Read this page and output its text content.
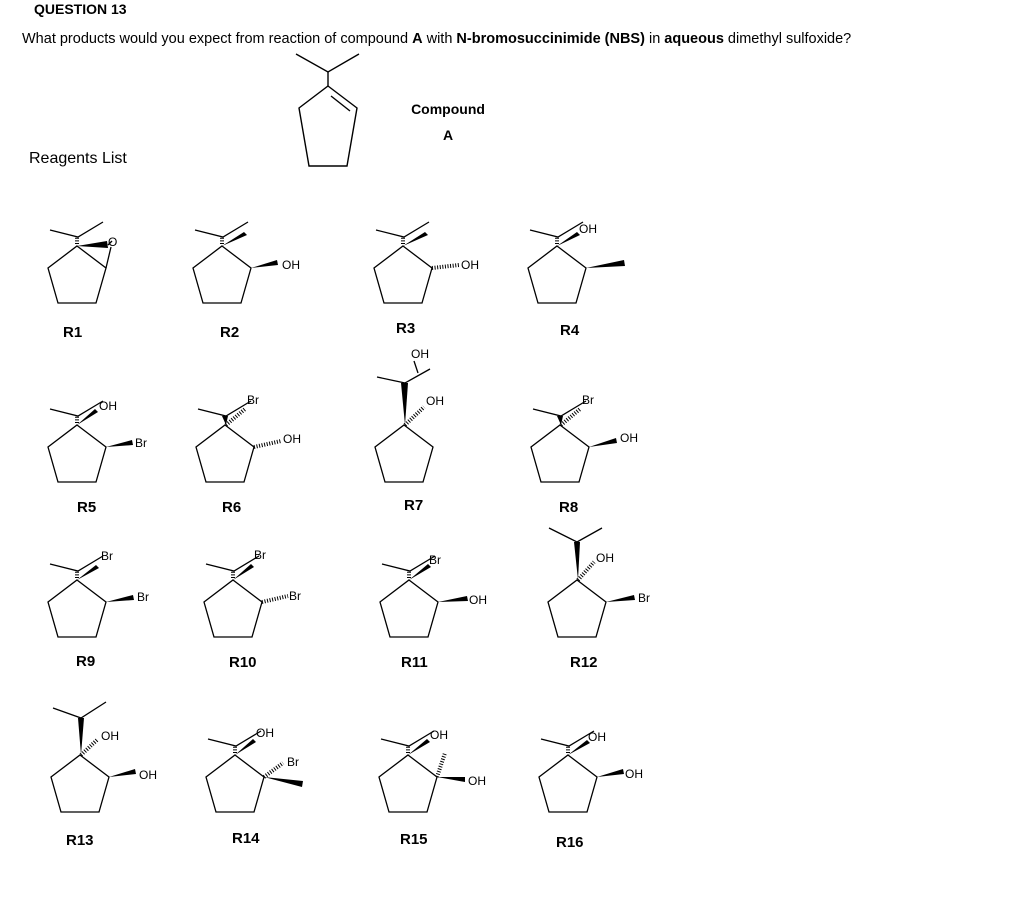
QUESTION 13
What products would you expect from reaction of compound A with N-bromosuccinimide (NBS) in aqueous dimethyl sulfoxide?
Reagents List
Compound
A
O
R1
OH
R2
OH
R3
OH
R4
OH
Br
R5
Br
OH
R6
OH
OH
R7
Br
OH
R8
Br
Br
R9
Br
Br
R10
Br
OH
R11
OH
Br
R12
OH
OH
R13
OH
Br
R14
OH
OH
R15
OH
OH
R16
